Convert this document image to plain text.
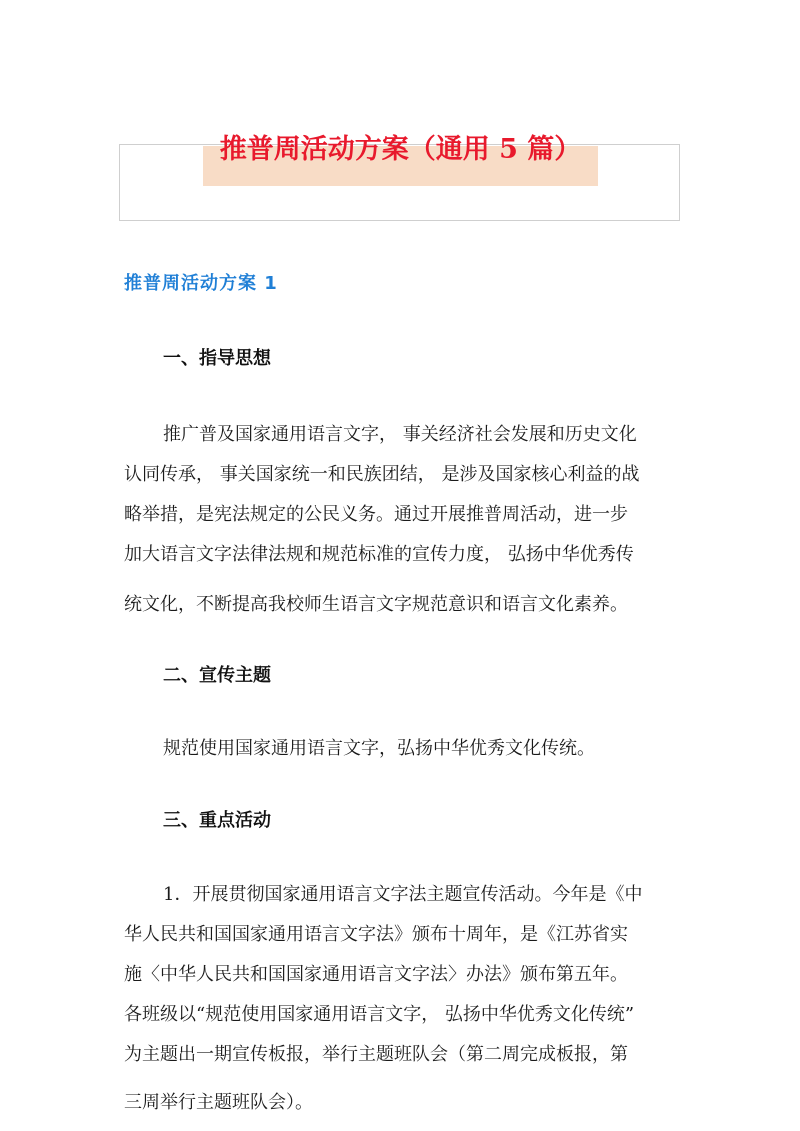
推普周活动方案（通用 5 篇）
推普周活动方案 1
一、指导思想
推广普及国家通用语言文字， 事关经济社会发展和历史文化
认同传承， 事关国家统一和民族团结， 是涉及国家核心利益的战
略举措，是宪法规定的公民义务。通过开展推普周活动，进一步
加大语言文字法律法规和规范标准的宣传力度， 弘扬中华优秀传
统文化，不断提高我校师生语言文字规范意识和语言文化素养。
二、宣传主题
规范使用国家通用语言文字，弘扬中华优秀文化传统。
三、重点活动
1．开展贯彻国家通用语言文字法主题宣传活动。今年是《中
华人民共和国国家通用语言文字法》颁布十周年，是《江苏省实
施〈中华人民共和国国家通用语言文字法〉办法》颁布第五年。
各班级以“规范使用国家通用语言文字， 弘扬中华优秀文化传统”
为主题出一期宣传板报，举行主题班队会（第二周完成板报，第
三周举行主题班队会）。
